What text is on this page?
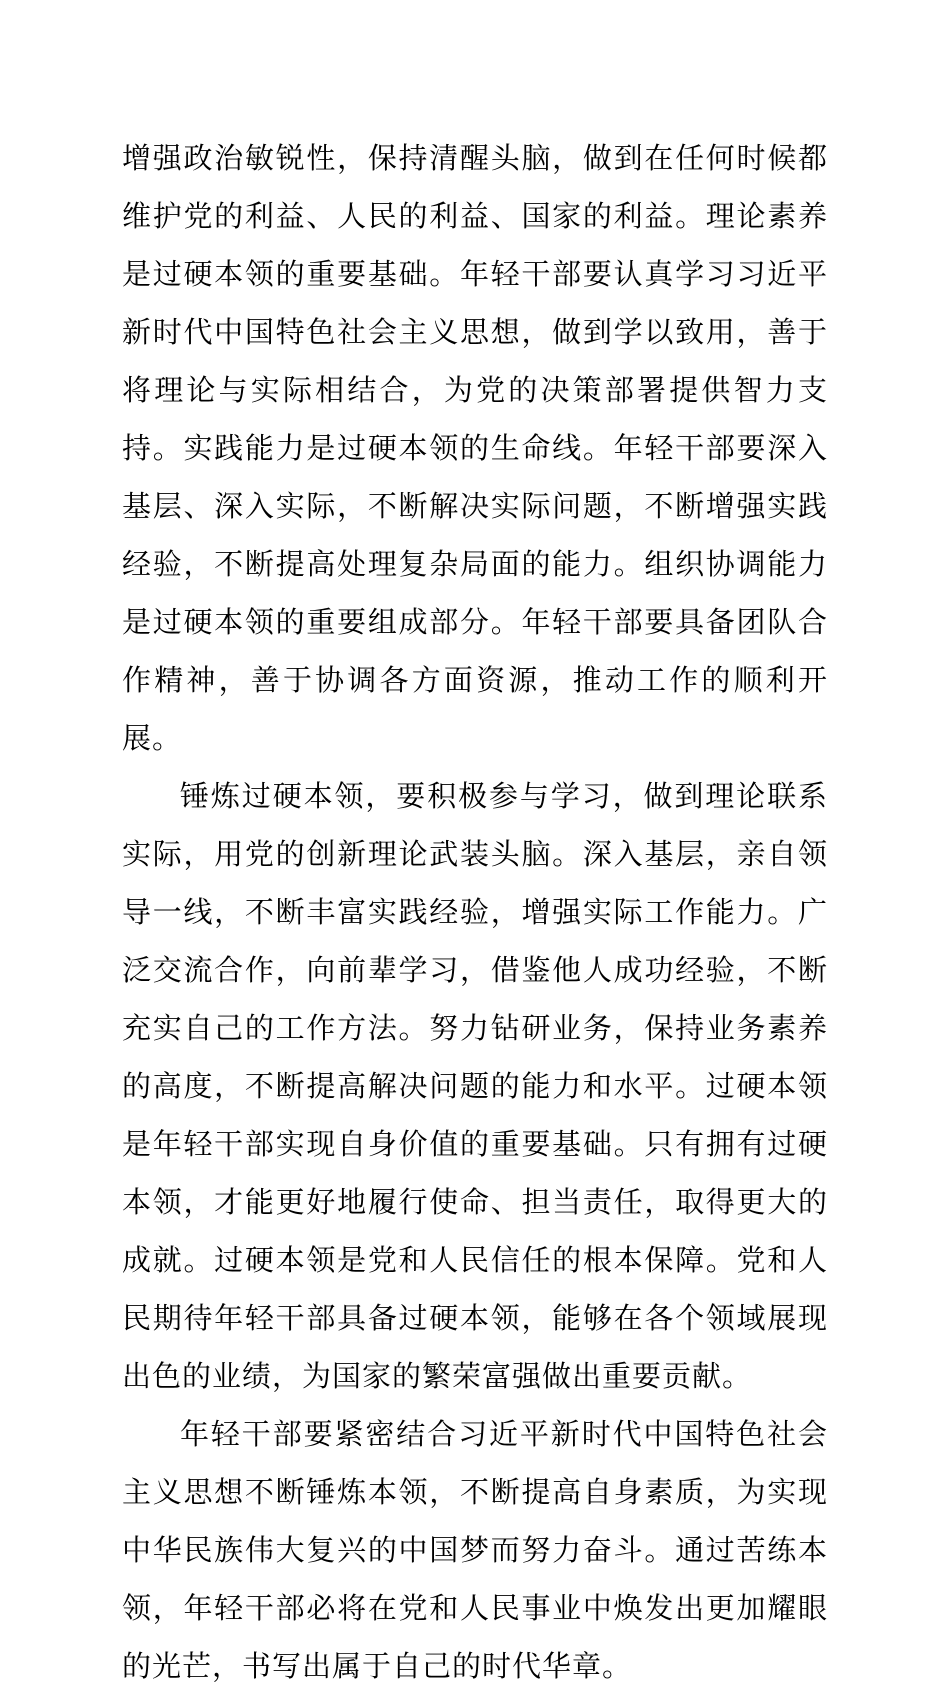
增强政治敏锐性，保持清醒头脑，做到在任何时候都维护党的利益、人民的利益、国家的利益。理论素养是过硬本领的重要基础。年轻干部要认真学习习近平新时代中国特色社会主义思想，做到学以致用，善于将理论与实际相结合，为党的决策部署提供智力支持。实践能力是过硬本领的生命线。年轻干部要深入基层、深入实际，不断解决实际问题，不断增强实践经验，不断提高处理复杂局面的能力。组织协调能力是过硬本领的重要组成部分。年轻干部要具备团队合作精神，善于协调各方面资源，推动工作的顺利开展。

锤炼过硬本领，要积极参与学习，做到理论联系实际，用党的创新理论武装头脑。深入基层，亲自领导一线，不断丰富实践经验，增强实际工作能力。广泛交流合作，向前辈学习，借鉴他人成功经验，不断充实自己的工作方法。努力钻研业务，保持业务素养的高度，不断提高解决问题的能力和水平。过硬本领是年轻干部实现自身价值的重要基础。只有拥有过硬本领，才能更好地履行使命、担当责任，取得更大的成就。过硬本领是党和人民信任的根本保障。党和人民期待年轻干部具备过硬本领，能够在各个领域展现出色的业绩，为国家的繁荣富强做出重要贡献。

年轻干部要紧密结合习近平新时代中国特色社会主义思想不断锤炼本领，不断提高自身素质，为实现中华民族伟大复兴的中国梦而努力奋斗。通过苦练本领，年轻干部必将在党和人民事业中焕发出更加耀眼的光芒，书写出属于自己的时代华章。
